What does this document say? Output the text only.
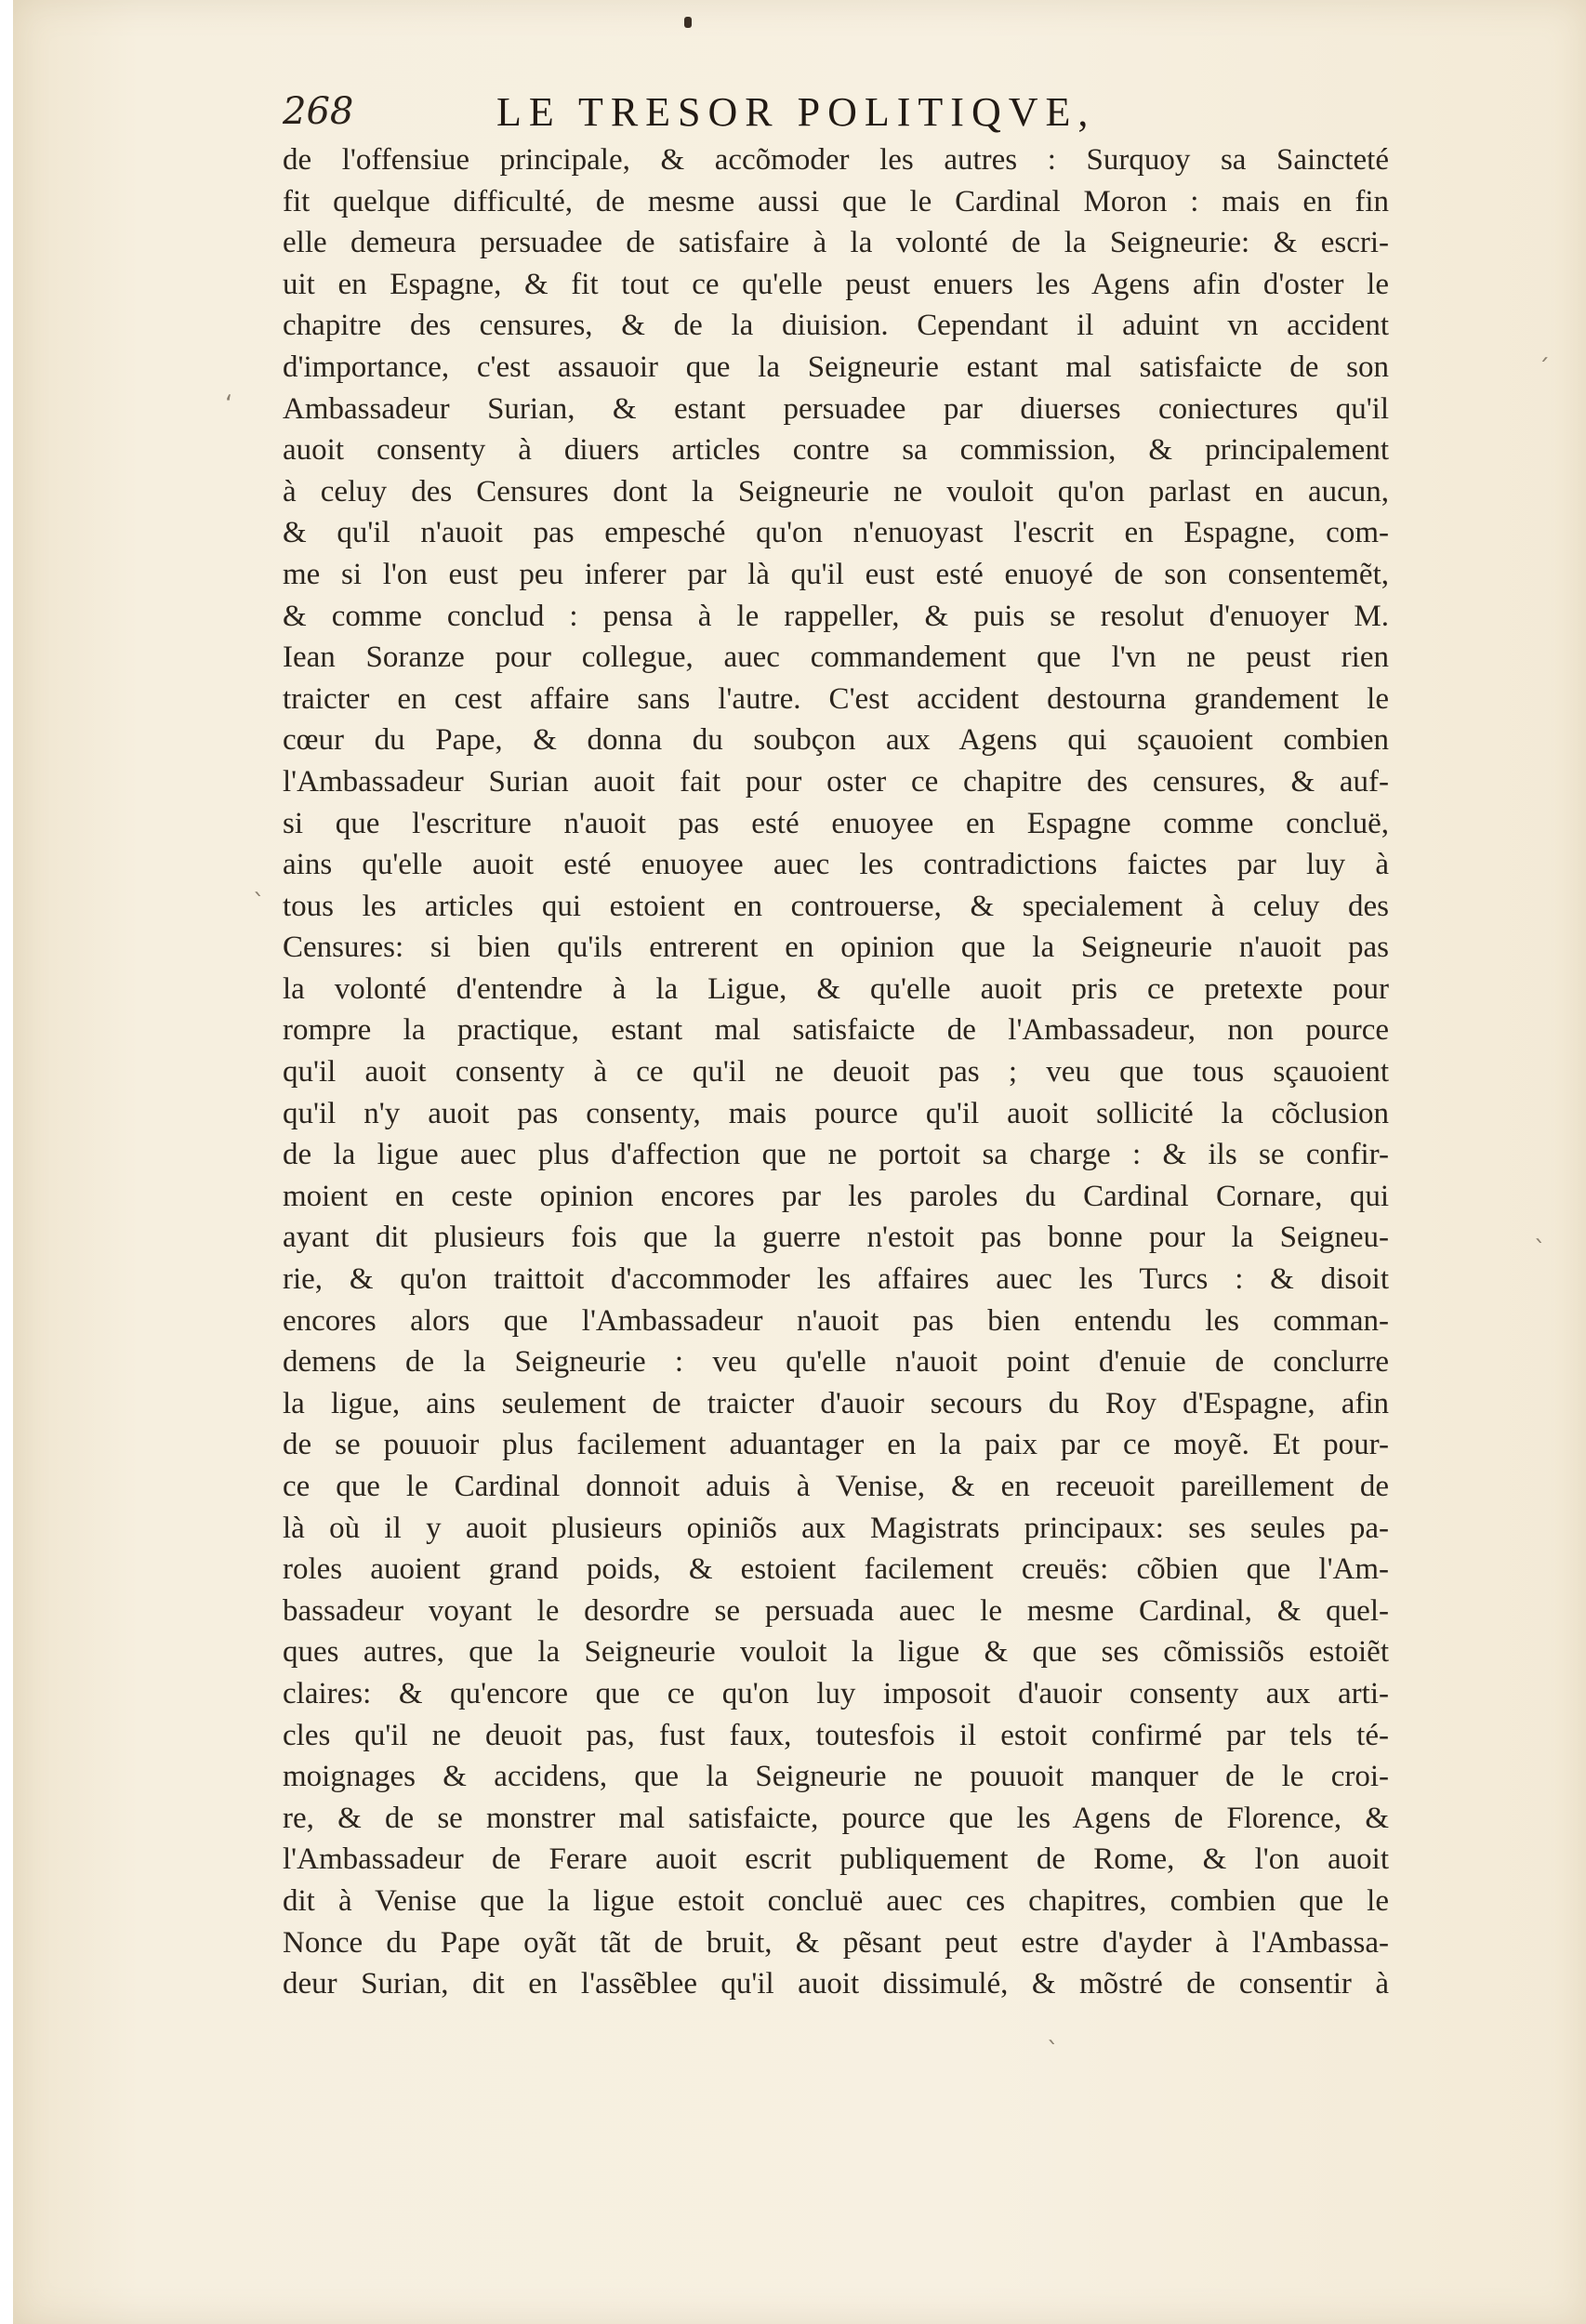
268	LE TRESOR POLITIQVE,
de l'offensiue principale, & accõmoder les autres : Surquoy sa Saincteté
fit quelque difficulté, de mesme aussi que le Cardinal Moron : mais en fin
elle demeura persuadee de satisfaire à la volonté de la Seigneurie: & escri-
uit en Espagne, & fit tout ce qu'elle peust enuers les Agens afin d'oster le
chapitre des censures, & de la diuision. Cependant il aduint vn accident
d'importance, c'est assauoir que la Seigneurie estant mal satisfaicte de son
Ambassadeur Surian, & estant persuadee par diuerses coniectures qu'il
auoit consenty à diuers articles contre sa commission, & principalement
à celuy des Censures dont la Seigneurie ne vouloit qu'on parlast en aucun,
& qu'il n'auoit pas empesché qu'on n'enuoyast l'escrit en Espagne, com-
me si l'on eust peu inferer par là qu'il eust esté enuoyé de son consentemẽt,
& comme conclud : pensa à le rappeller, & puis se resolut d'enuoyer M.
Iean Soranze pour collegue, auec commandement que l'vn ne peust rien
traicter en cest affaire sans l'autre. C'est accident destourna grandement le
cœur du Pape, & donna du soubçon aux Agens qui sçauoient combien
l'Ambassadeur Surian auoit fait pour oster ce chapitre des censures, & auf-
si que l'escriture n'auoit pas esté enuoyee en Espagne comme concluë,
ains qu'elle auoit esté enuoyee auec les contradictions faictes par luy à
tous les articles qui estoient en controuerse, & specialement à celuy des
Censures: si bien qu'ils entrerent en opinion que la Seigneurie n'auoit pas
la volonté d'entendre à la Ligue, & qu'elle auoit pris ce pretexte pour
rompre la practique, estant mal satisfaicte de l'Ambassadeur, non pource
qu'il auoit consenty à ce qu'il ne deuoit pas ; veu que tous sçauoient
qu'il n'y auoit pas consenty, mais pource qu'il auoit sollicité la cõclusion
de la ligue auec plus d'affection que ne portoit sa charge : & ils se confir-
moient en ceste opinion encores par les paroles du Cardinal Cornare, qui
ayant dit plusieurs fois que la guerre n'estoit pas bonne pour la Seigneu-
rie, & qu'on traittoit d'accommoder les affaires auec les Turcs : & disoit
encores alors que l'Ambassadeur n'auoit pas bien entendu les comman-
demens de la Seigneurie : veu qu'elle n'auoit point d'enuie de conclurre
la ligue, ains seulement de traicter d'auoir secours du Roy d'Espagne, afin
de se pouuoir plus facilement aduantager en la paix par ce moyẽ. Et pour-
ce que le Cardinal donnoit aduis à Venise, & en receuoit pareillement de
là où il y auoit plusieurs opiniõs aux Magistrats principaux: ses seules pa-
roles auoient grand poids, & estoient facilement creuës: cõbien que l'Am-
bassadeur voyant le desordre se persuada auec le mesme Cardinal, & quel-
ques autres, que la Seigneurie vouloit la ligue & que ses cõmissiõs estoiẽt
claires: & qu'encore que ce qu'on luy imposoit d'auoir consenty aux arti-
cles qu'il ne deuoit pas, fust faux, toutesfois il estoit confirmé par tels té-
moignages & accidens, que la Seigneurie ne pouuoit manquer de le croi-
re, & de se monstrer mal satisfaicte, pource que les Agens de Florence, &
l'Ambassadeur de Ferare auoit escrit publiquement de Rome, & l'on auoit
dit à Venise que la ligue estoit concluë auec ces chapitres, combien que le
Nonce du Pape oyãt tãt de bruit, & pẽsant peut estre d'ayder à l'Ambassa-
deur Surian, dit en l'assẽblee qu'il auoit dissimulé, & mõstré de consentir à
ʻ
ˎ
ˏ
ˋ
ˎ
